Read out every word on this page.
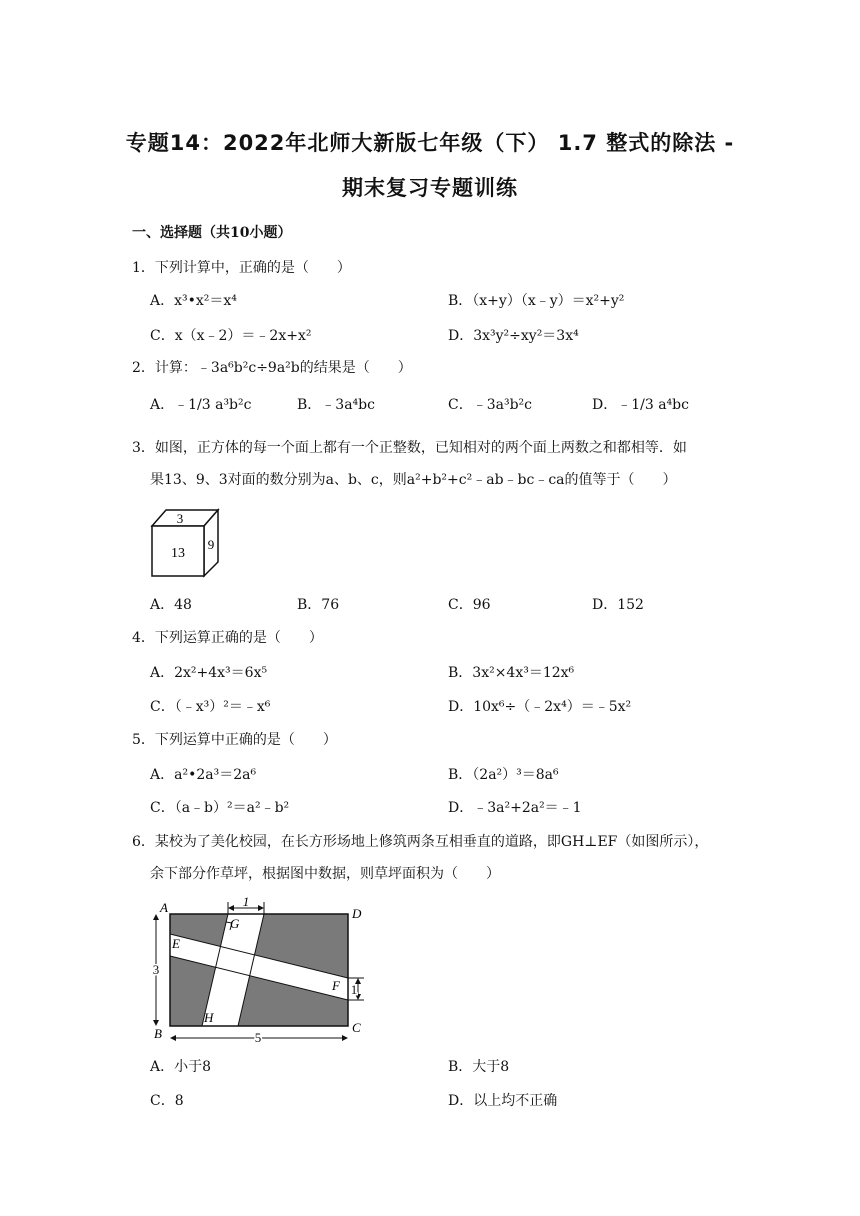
专题14：2022年北师大新版七年级（下） 1.7 整式的除法 -
期末复习专题训练
一、选择题（共10小题）
1．下列计算中，正确的是（　　）
A．x³•x²＝x⁴	B．（x+y）（x﹣y）＝x²+y²
C．x（x﹣2）＝﹣2x+x²	D．3x³y²÷xy²＝3x⁴
2．计算：﹣3a⁶b²c÷9a²b的结果是（　　）
A．﹣1/3 a³b²c	B．﹣3a⁴bc	C．﹣3a³b²c	D．﹣1/3 a⁴bc
3．如图，正方体的每一个面上都有一个正整数，已知相对的两个面上两数之和都相等．如
果13、9、3对面的数分别为a、b、c，则a²+b²+c²﹣ab﹣bc﹣ca的值等于（　　）
3
13
9
A．48	B．76	C．96	D．152
4．下列运算正确的是（　　）
A．2x²+4x³＝6x⁵	B．3x²×4x³＝12x⁶
C．（﹣x³）²＝﹣x⁶	D．10x⁶÷（﹣2x⁴）＝﹣5x²
5．下列运算中正确的是（　　）
A．a²•2a³＝2a⁶	B．（2a²）³＝8a⁶
C．（a﹣b）²＝a²﹣b²	D．﹣3a²+2a²＝﹣1
6．某校为了美化校园，在长方形场地上修筑两条互相垂直的道路，即GH⊥EF（如图所示），
余下部分作草坪，根据图中数据，则草坪面积为（　　）
1
3
1
5
A	D
B	C
E
F
G
H
A．小于8	B．大于8
C．8	D．以上均不正确
